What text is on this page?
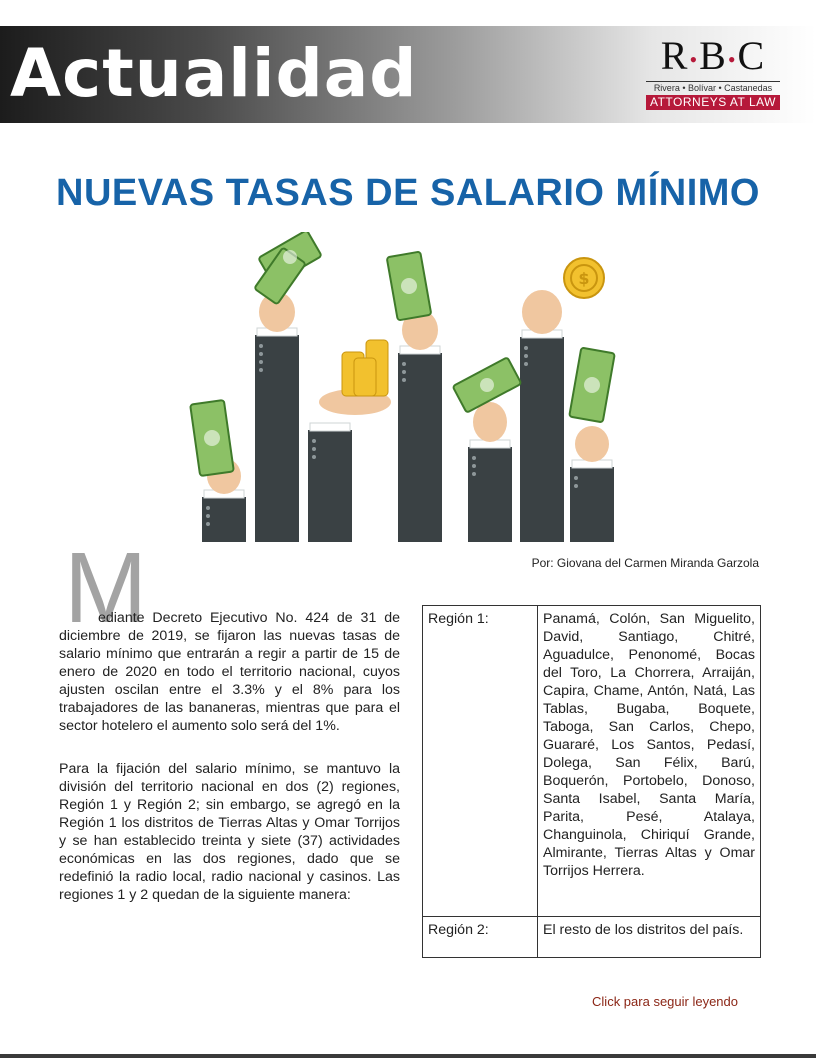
Actualidad	R•B•C
Rivera • Bolívar • Castanedas
ATTORNEYS AT LAW
NUEVAS TASAS DE SALARIO MÍNIMO
$
Por: Giovana del Carmen Miranda Garzola
M

ediante Decreto Ejecutivo No. 424 de 31 de diciembre de 2019, se fijaron las nuevas tasas de salario mínimo que entrarán a regir a partir de 15 de enero de 2020 en todo el territorio nacional, cuyos ajusten oscilan entre el 3.3% y el 8% para los trabajadores de las bananeras, mientras que para el sector hotelero el aumento solo será del 1%.

Para la fijación del salario mínimo, se mantuvo la división del territorio nacional en dos (2) regiones, Región 1 y Región 2; sin embargo, se agregó en la Región 1 los distritos de Tierras Altas y Omar Torrijos y se han establecido treinta y siete (37) actividades económicas en las dos regiones, dado que se redefinió la radio local, radio nacional y casinos. Las regiones 1 y 2 quedan de la siguiente manera:

Región 1:	Panamá, Colón, San Miguelito, David, Santiago, Chitré, Aguadulce, Penonomé, Bocas del Toro, La Chorrera, Arraiján, Capira, Chame, Antón, Natá, Las Tablas, Bugaba, Boquete, Taboga, San Carlos, Chepo, Guararé, Los Santos, Pedasí, Dolega, San Félix, Barú, Boquerón, Portobelo, Donoso, Santa Isabel, Santa María, Parita, Pesé, Atalaya, Changuinola, Chiriquí Grande, Almirante, Tierras Altas y Omar Torrijos Herrera.
Región 2:	El resto de los distritos del país.
Click para seguir leyendo
